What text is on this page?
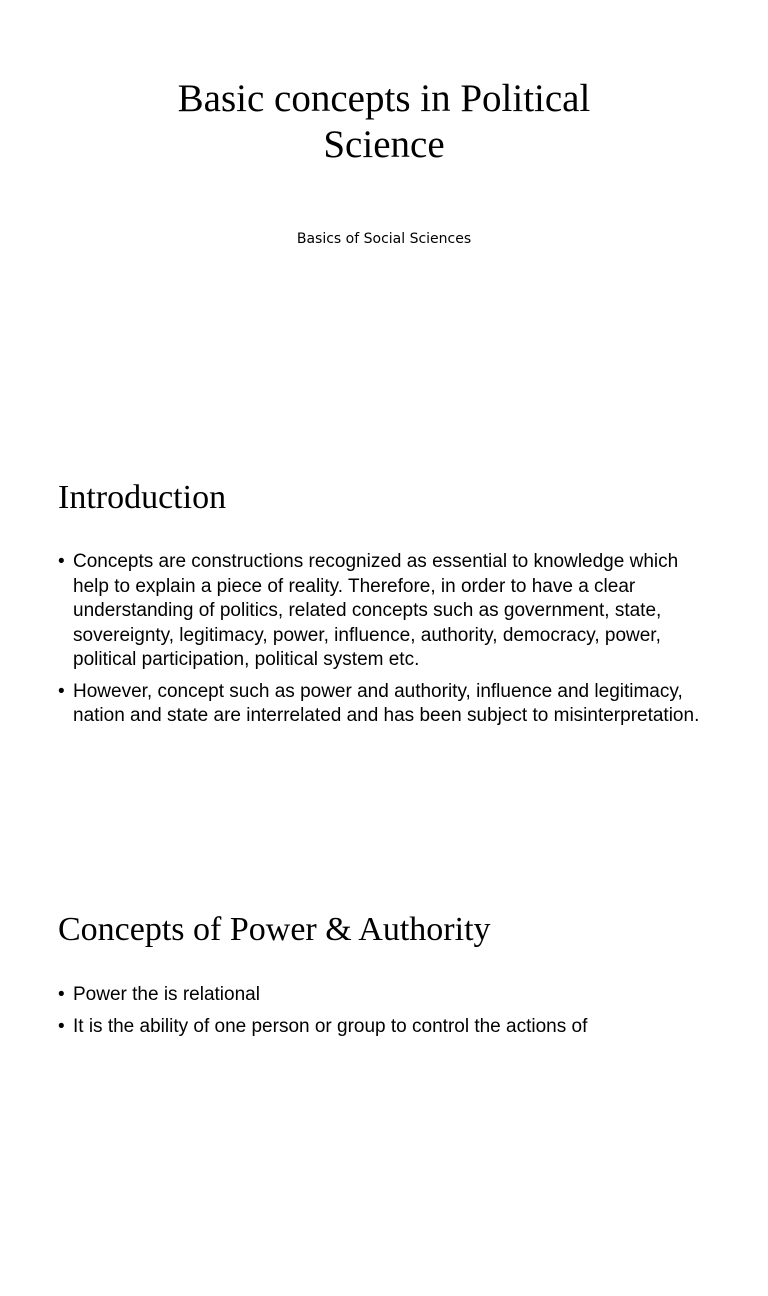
Basic concepts in Political
Science

Basics of Social Sciences

Introduction
• Concepts are constructions recognized as essential to knowledge which help to explain a piece of reality. Therefore, in order to have a clear understanding of politics, related concepts such as government, state, sovereignty, legitimacy, power, influence, authority, democracy, power, political participation, political system etc.
• However, concept such as power and authority, influence and legitimacy, nation and state are interrelated and has been subject to misinterpretation.
Concepts of Power & Authority
• Power the is relational
• It is the ability of one person or group to control the actions of
